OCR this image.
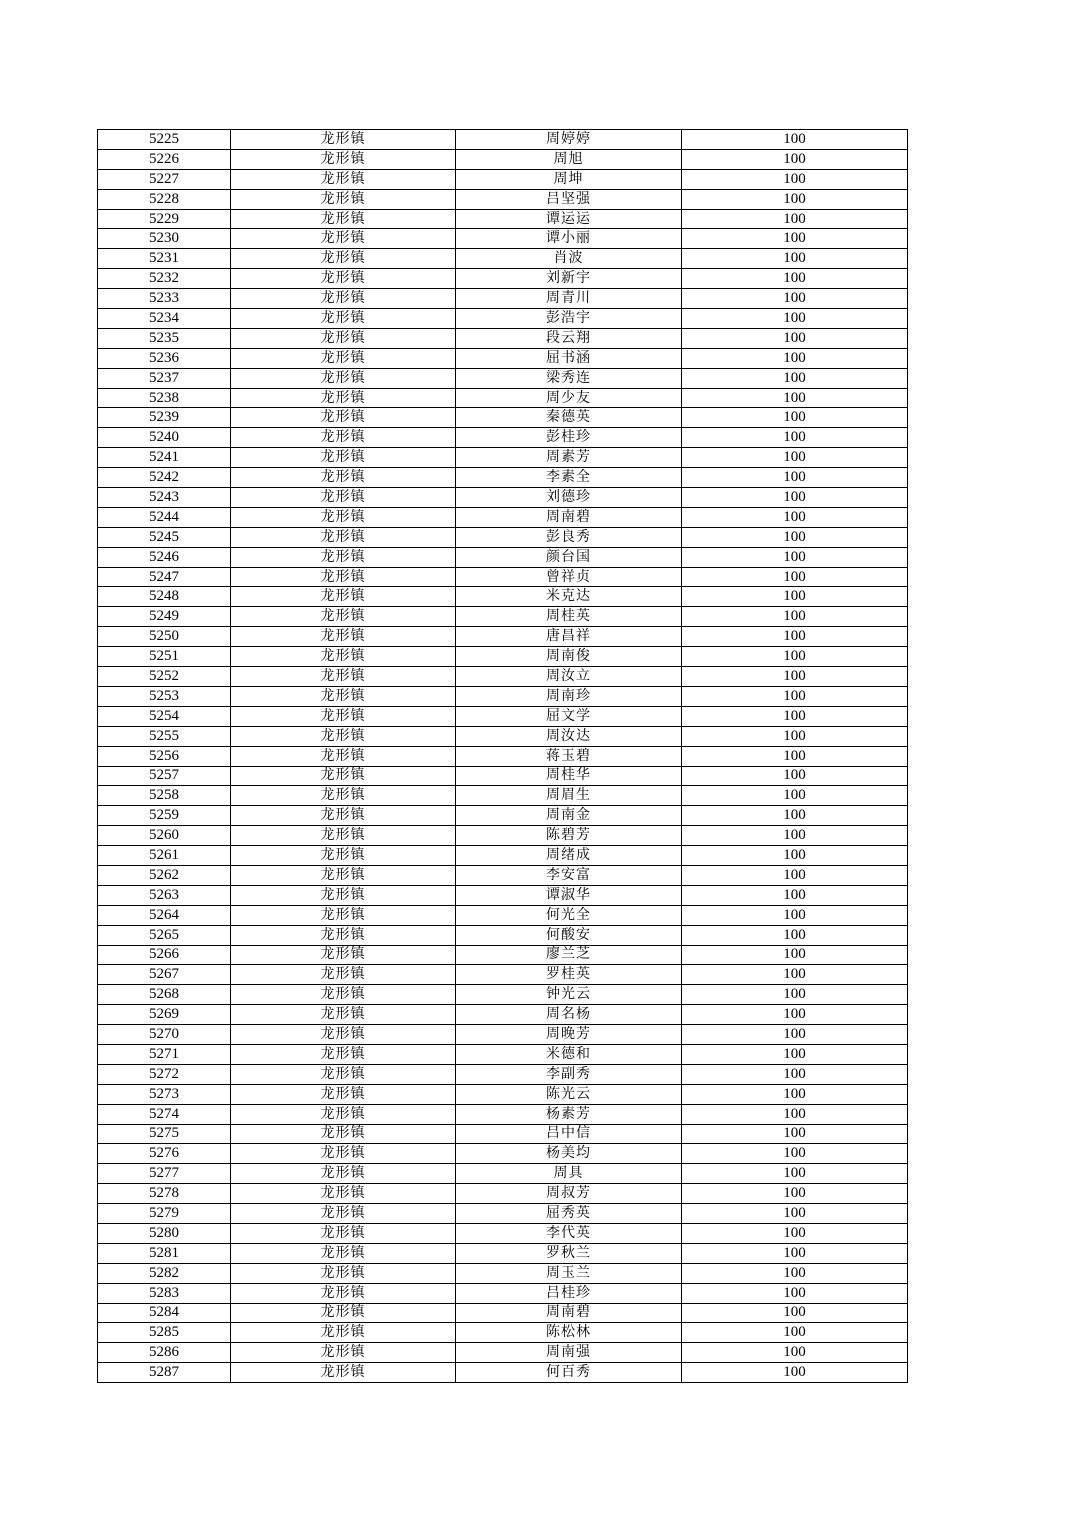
5225	龙形镇	周婷婷	100
5226	龙形镇	周旭	100
5227	龙形镇	周坤	100
5228	龙形镇	吕坚强	100
5229	龙形镇	谭运运	100
5230	龙形镇	谭小丽	100
5231	龙形镇	肖波	100
5232	龙形镇	刘新宇	100
5233	龙形镇	周青川	100
5234	龙形镇	彭浩宇	100
5235	龙形镇	段云翔	100
5236	龙形镇	屈书涵	100
5237	龙形镇	梁秀连	100
5238	龙形镇	周少友	100
5239	龙形镇	秦德英	100
5240	龙形镇	彭桂珍	100
5241	龙形镇	周素芳	100
5242	龙形镇	李素全	100
5243	龙形镇	刘德珍	100
5244	龙形镇	周南碧	100
5245	龙形镇	彭良秀	100
5246	龙形镇	颜台国	100
5247	龙形镇	曾祥贞	100
5248	龙形镇	米克达	100
5249	龙形镇	周桂英	100
5250	龙形镇	唐昌祥	100
5251	龙形镇	周南俊	100
5252	龙形镇	周汝立	100
5253	龙形镇	周南珍	100
5254	龙形镇	屈文学	100
5255	龙形镇	周汝达	100
5256	龙形镇	蒋玉碧	100
5257	龙形镇	周桂华	100
5258	龙形镇	周眉生	100
5259	龙形镇	周南金	100
5260	龙形镇	陈碧芳	100
5261	龙形镇	周绪成	100
5262	龙形镇	李安富	100
5263	龙形镇	谭淑华	100
5264	龙形镇	何光全	100
5265	龙形镇	何酸安	100
5266	龙形镇	廖兰芝	100
5267	龙形镇	罗桂英	100
5268	龙形镇	钟光云	100
5269	龙形镇	周名杨	100
5270	龙形镇	周晚芳	100
5271	龙形镇	米德和	100
5272	龙形镇	李副秀	100
5273	龙形镇	陈光云	100
5274	龙形镇	杨素芳	100
5275	龙形镇	吕中信	100
5276	龙形镇	杨美均	100
5277	龙形镇	周具	100
5278	龙形镇	周叔芳	100
5279	龙形镇	屈秀英	100
5280	龙形镇	李代英	100
5281	龙形镇	罗秋兰	100
5282	龙形镇	周玉兰	100
5283	龙形镇	吕桂珍	100
5284	龙形镇	周南碧	100
5285	龙形镇	陈松林	100
5286	龙形镇	周南强	100
5287	龙形镇	何百秀	100
